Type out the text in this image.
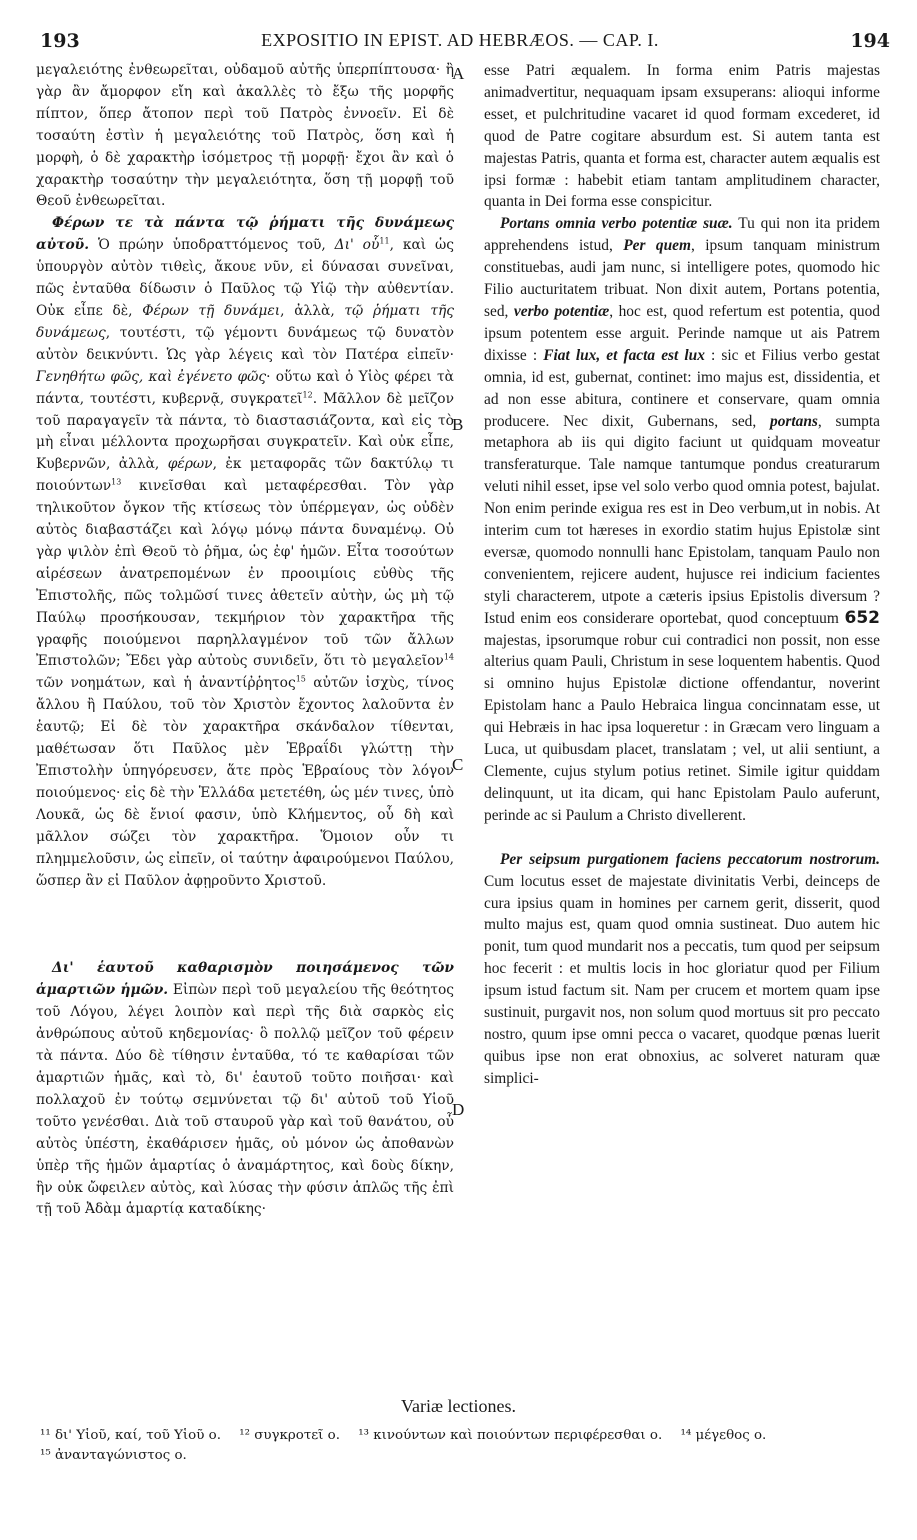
193	EXPOSITIO IN EPIST. AD HEBRÆOS. — CAP. I.	194
A
B
C
D

μεγαλειότης ἐνθεωρεῖται, οὐδαμοῦ αὐτῆς ὑπερπίπτουσα· ἢ γὰρ ἂν ἄμορφον εἴη καὶ ἀκαλλὲς τὸ ἔξω τῆς μορφῆς πίπτον, ὅπερ ἄτοπον περὶ τοῦ Πατρὸς ἐννοεῖν. Εἰ δὲ τοσαύτη ἐστὶν ἡ μεγαλειότης τοῦ Πατρὸς, ὅση καὶ ἡ μορφὴ, ὁ δὲ χαρακτὴρ ἰσόμετρος τῇ μορφῇ· ἔχοι ἂν καὶ ὁ χαρακτὴρ τοσαύτην τὴν μεγαλειότητα, ὅση τῇ μορφῇ τοῦ Θεοῦ ἐνθεωρεῖται.

Φέρων τε τὰ πάντα τῷ ῥήματι τῆς δυνάμεως αὐτοῦ. Ὁ πρώην ὑποδραττόμενος τοῦ, Δι' οὗ$^{11}$, καὶ ὡς ὑπουργὸν αὐτὸν τιθεὶς, ἄκουε νῦν, εἰ δύνασαι συνεῖναι, πῶς ἐνταῦθα δίδωσιν ὁ Παῦλος τῷ Υἱῷ τὴν αὐθεντίαν. Οὐκ εἶπε δὲ, Φέρων τῇ δυνάμει, ἀλλὰ, τῷ ῥήματι τῆς δυνάμεως, τουτέστι, τῷ γέμοντι δυνάμεως τῷ δυνατὸν αὐτὸν δεικνύντι. Ὡς γὰρ λέγεις καὶ τὸν Πατέρα εἰπεῖν· Γενηθήτω φῶς, καὶ ἐγένετο φῶς· οὕτω καὶ ὁ Υἱὸς φέρει τὰ πάντα, τουτέστι, κυβερνᾷ, συγκρατεῖ$^{12}$. Μᾶλλον δὲ μεῖζον τοῦ παραγαγεῖν τὰ πάντα, τὸ διαστασιάζοντα, καὶ εἰς τὸ μὴ εἶναι μέλλοντα προχωρῆσαι συγκρατεῖν. Καὶ οὐκ εἶπε, Κυβερνῶν, ἀλλὰ, φέρων, ἐκ μεταφορᾶς τῶν δακτύλῳ τι ποιούντων$^{13}$ κινεῖσθαι καὶ μεταφέρεσθαι. Τὸν γὰρ τηλικοῦτον ὄγκον τῆς κτίσεως τὸν ὑπέρμεγαν, ὡς οὐδὲν αὐτὸς διαβαστάζει καὶ λόγῳ μόνῳ πάντα δυναμένῳ. Οὐ γὰρ ψιλὸν ἐπὶ Θεοῦ τὸ ῥῆμα, ὡς ἐφ' ἡμῶν. Εἶτα τοσούτων αἱρέσεων ἀνατρεπομένων ἐν προοιμίοις εὐθὺς τῆς Ἐπιστολῆς, πῶς τολμῶσί τινες ἀθετεῖν αὐτὴν, ὡς μὴ τῷ Παύλῳ προσήκουσαν, τεκμήριον τὸν χαρακτῆρα τῆς γραφῆς ποιούμενοι παρηλλαγμένον τοῦ τῶν ἄλλων Ἐπιστολῶν; Ἔδει γὰρ αὐτοὺς συνιδεῖν, ὅτι τὸ μεγαλεῖον$^{14}$ τῶν νοημάτων, καὶ ἡ ἀναντίῤῥητος$^{15}$ αὐτῶν ἰσχὺς, τίνος ἄλλου ἢ Παύλου, τοῦ τὸν Χριστὸν ἔχοντος λαλοῦντα ἐν ἑαυτῷ; Εἰ δὲ τὸν χαρακτῆρα σκάνδαλον τίθενται, μαθέτωσαν ὅτι Παῦλος μὲν Ἑβραΐδι γλώττῃ τὴν Ἐπιστολὴν ὑπηγόρευσεν, ἅτε πρὸς Ἑβραίους τὸν λόγον ποιούμενος· εἰς δὲ τὴν Ἑλλάδα μετετέθη, ὡς μέν τινες, ὑπὸ Λουκᾶ, ὡς δὲ ἔνιοί φασιν, ὑπὸ Κλήμεντος, οὗ δὴ καὶ μᾶλλον σώζει τὸν χαρακτῆρα. Ὅμοιον οὖν τι πλημμελοῦσιν, ὡς εἰπεῖν, οἱ ταύτην ἀφαιρούμενοι Παύλου, ὥσπερ ἂν εἰ Παῦλον ἀφῃροῦντο Χριστοῦ.

Δι' ἑαυτοῦ καθαρισμὸν ποιησάμενος τῶν ἁμαρτιῶν ἡμῶν. Εἰπὼν περὶ τοῦ μεγαλείου τῆς θεότητος τοῦ Λόγου, λέγει λοιπὸν καὶ περὶ τῆς διὰ σαρκὸς εἰς ἀνθρώπους αὐτοῦ κηδεμονίας· ὃ πολλῷ μεῖζον τοῦ φέρειν τὰ πάντα. Δύο δὲ τίθησιν ἐνταῦθα, τό τε καθαρίσαι τῶν ἁμαρτιῶν ἡμᾶς, καὶ τὸ, δι' ἑαυτοῦ τοῦτο ποιῆσαι· καὶ πολλαχοῦ ἐν τούτῳ σεμνύνεται τῷ δι' αὐτοῦ τοῦ Υἱοῦ τοῦτο γενέσθαι. Διὰ τοῦ σταυροῦ γὰρ καὶ τοῦ θανάτου, οὗ αὐτὸς ὑπέστη, ἐκαθάρισεν ἡμᾶς, οὐ μόνον ὡς ἀποθανὼν ὑπὲρ τῆς ἡμῶν ἁμαρτίας ὁ ἀναμάρτητος, καὶ δοὺς δίκην, ἣν οὐκ ὤφειλεν αὐτὸς, καὶ λύσας τὴν φύσιν ἁπλῶς τῆς ἐπὶ τῇ τοῦ Ἀδὰμ ἁμαρτίᾳ καταδίκης·

esse Patri æqualem. In forma enim Patris majestas animadvertitur, nequaquam ipsam exsuperans: alioqui informe esset, et pulchritudine vacaret id quod formam excederet, id quod de Patre cogitare absurdum est. Si autem tanta est majestas Patris, quanta et forma est, character autem æqualis est ipsi formæ : habebit etiam tantam amplitudinem character, quanta in Dei forma esse conspicitur.

Portans omnia verbo potentiæ suæ. Tu qui non ita pridem apprehendens istud, Per quem, ipsum tanquam ministrum constituebas, audi jam nunc, si intelligere potes, quomodo hic Filio aucturitatem tribuat. Non dixit autem, Portans potentia, sed, verbo potentiæ, hoc est, quod refertum est potentia, quod ipsum potentem esse arguit. Perinde namque ut ais Patrem dixisse : Fiat lux, et facta est lux : sic et Filius verbo gestat omnia, id est, gubernat, continet: imo majus est, dissidentia, et ad non esse abitura, continere et conservare, quam omnia producere. Nec dixit, Gubernans, sed, portans, sumpta metaphora ab iis qui digito faciunt ut quidquam moveatur transferaturque. Tale namque tantumque pondus creaturarum veluti nihil esset, ipse vel solo verbo quod omnia potest, bajulat. Non enim perinde exigua res est in Deo verbum,ut in nobis. At interim cum tot hæreses in exordio statim hujus Epistolæ sint eversæ, quomodo nonnulli hanc Epistolam, tanquam Paulo non convenientem, rejicere audent, hujusce rei indicium facientes styli characterem, utpote a cæteris ipsius Epistolis diversum ? Istud enim eos considerare oportebat, quod conceptuum 652 majestas, ipsorumque robur cui contradici non possit, non esse alterius quam Pauli, Christum in sese loquentem habentis. Quod si omnino hujus Epistolæ dictione offendantur, noverint Epistolam hanc a Paulo Hebraica lingua concinnatam esse, ut qui Hebræis in hac ipsa loqueretur : in Græcam vero linguam a Luca, ut quibusdam placet, translatam ; vel, ut alii sentiunt, a Clemente, cujus stylum potius retinet. Simile igitur quiddam delinquunt, ut ita dicam, qui hanc Epistolam Paulo auferunt, perinde ac si Paulum a Christo divellerent.

Per seipsum purgationem faciens peccatorum nostrorum. Cum locutus esset de majestate divinitatis Verbi, deinceps de cura ipsius quam in homines per carnem gerit, disserit, quod multo majus est, quam quod omnia sustineat. Duo autem hic ponit, tum quod mundarit nos a peccatis, tum quod per seipsum hoc fecerit : et multis locis in hoc gloriatur quod per Filium ipsum istud factum sit. Nam per crucem et mortem quam ipse sustinuit, purgavit nos, non solum quod mortuus sit pro peccato nostro, quum ipse omni pecca o vacaret, quodque pœnas luerit quibus ipse non erat obnoxius, ac solveret naturam quæ simplici-

Variæ lectiones.
¹¹ δι' Υἱοῦ, καί, τοῦ Υἱοῦ ο. ¹² συγκροτεῖ ο. ¹³ κινούντων καὶ ποιούντων περιφέρεσθαι ο. ¹⁴ μέγεθος ο.
¹⁵ ἀνανταγώνιστος ο.
